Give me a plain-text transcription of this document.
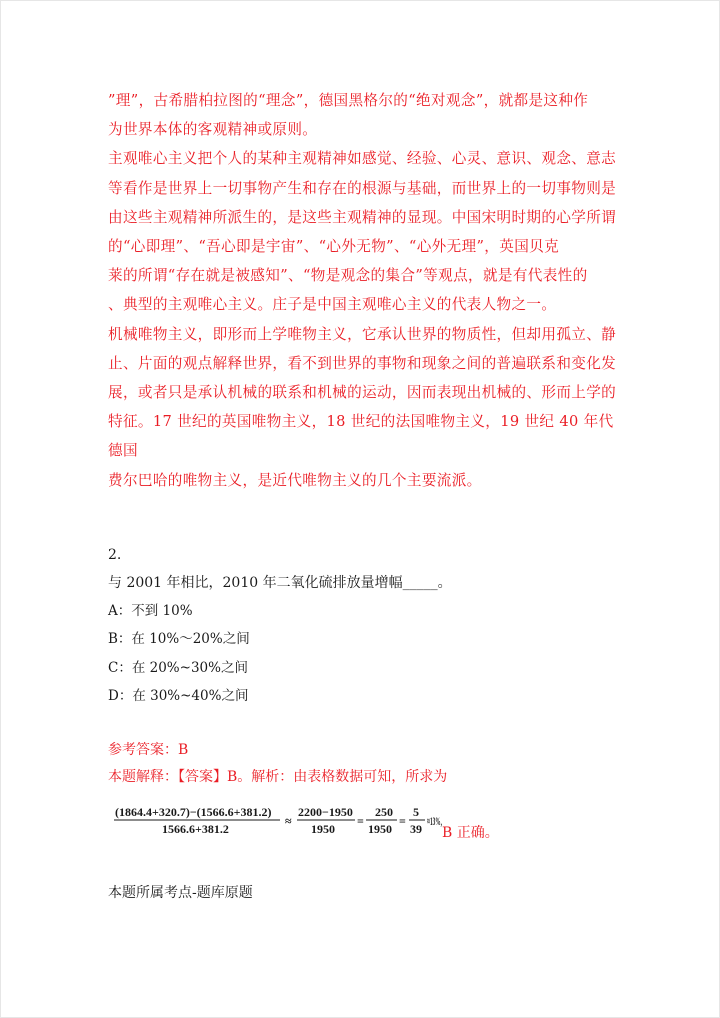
”理”，古希腊柏拉图的“理念”，德国黑格尔的“绝对观念”，就都是这种作

为世界本体的客观精神或原则。

主观唯心主义把个人的某种主观精神如感觉、经验、心灵、意识、观念、意志

等看作是世界上一切事物产生和存在的根源与基础，而世界上的一切事物则是

由这些主观精神所派生的，是这些主观精神的显现。中国宋明时期的心学所谓

的“心即理”、“吾心即是宇宙”、“心外无物”、“心外无理”，英国贝克

莱的所谓“存在就是被感知”、“物是观念的集合”等观点，就是有代表性的

、典型的主观唯心主义。庄子是中国主观唯心主义的代表人物之一。

机械唯物主义，即形而上学唯物主义，它承认世界的物质性，但却用孤立、静

止、片面的观点解释世界，看不到世界的事物和现象之间的普遍联系和变化发

展，或者只是承认机械的联系和机械的运动，因而表现出机械的、形而上学的

特征。17 世纪的英国唯物主义，18 世纪的法国唯物主义，19 世纪 40 年代德国

费尔巴哈的唯物主义，是近代唯物主义的几个主要流派。

2.
与 2001 年相比，2010 年二氧化硫排放量增幅_____。
A：不到 10%
B：在 10%～20%之间
C：在 20%~30%之间
D：在 30%~40%之间
参考答案：B
本题解释：【答案】B。解析：由表格数据可知，所求为
(1864.4+320.7)−(1566.6+381.2)
1566.6+381.2
≈
2200−1950
1950
=
250
1950
=
5
39
≈13%,
B 正确。
本题所属考点-题库原题
